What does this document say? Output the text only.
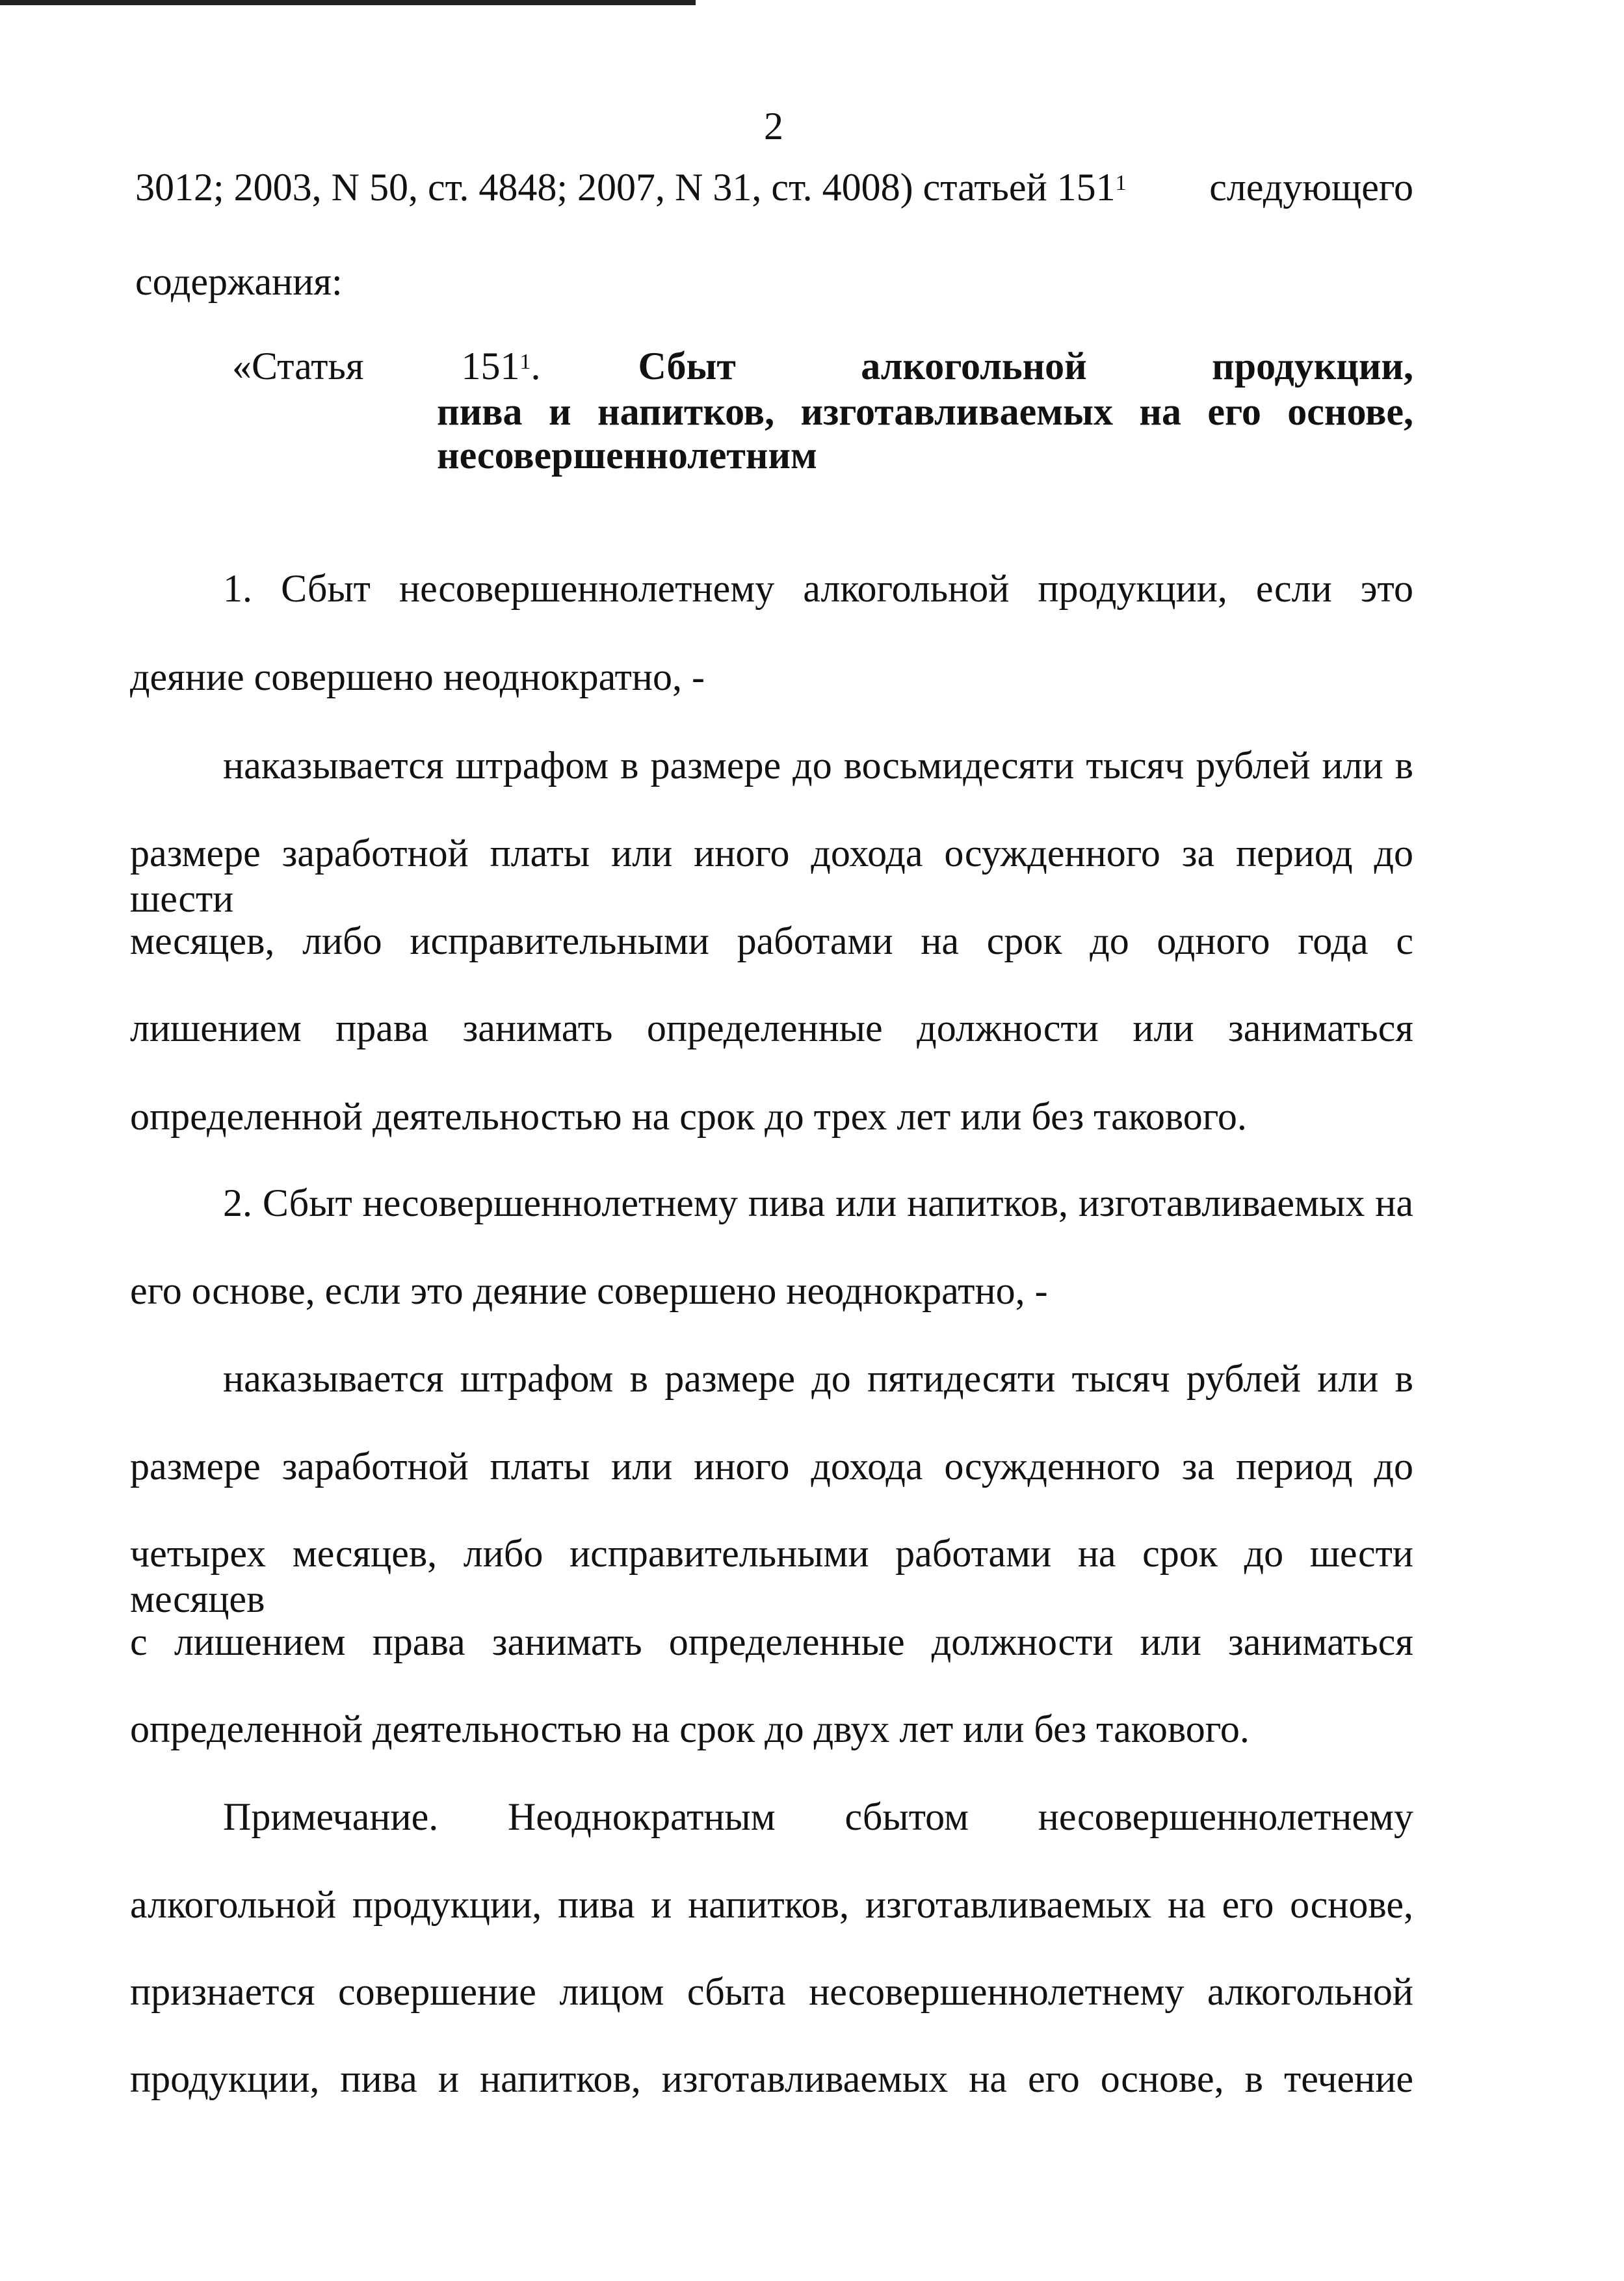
2
3012; 2003, N 50, ст. 4848; 2007, N 31, ст. 4008) статьей $151^1$ следующего
содержания:
«Статья	$151^1$.	Сбыт алкогольной продукции,
пива и напитков, изготавливаемых на его основе,
несовершеннолетним
1. Сбыт несовершеннолетнему алкогольной продукции, если это
деяние совершено неоднократно, -
наказывается штрафом в размере до восьмидесяти тысяч рублей или в
размере заработной платы или иного дохода осужденного за период до шести
месяцев, либо исправительными работами на срок до одного года с
лишением права занимать определенные должности или заниматься
определенной деятельностью на срок до трех лет или без такового.
2. Сбыт несовершеннолетнему пива или напитков, изготавливаемых на
его основе, если это деяние совершено неоднократно, -
наказывается штрафом в размере до пятидесяти тысяч рублей или в
размере заработной платы или иного дохода осужденного за период до
четырех месяцев, либо исправительными работами на срок до шести месяцев
с лишением права занимать определенные должности или заниматься
определенной деятельностью на срок до двух лет или без такового.
Примечание. Неоднократным сбытом несовершеннолетнему
алкогольной продукции, пива и напитков, изготавливаемых на его основе,
признается совершение лицом сбыта несовершеннолетнему алкогольной
продукции, пива и напитков, изготавливаемых на его основе, в течение
